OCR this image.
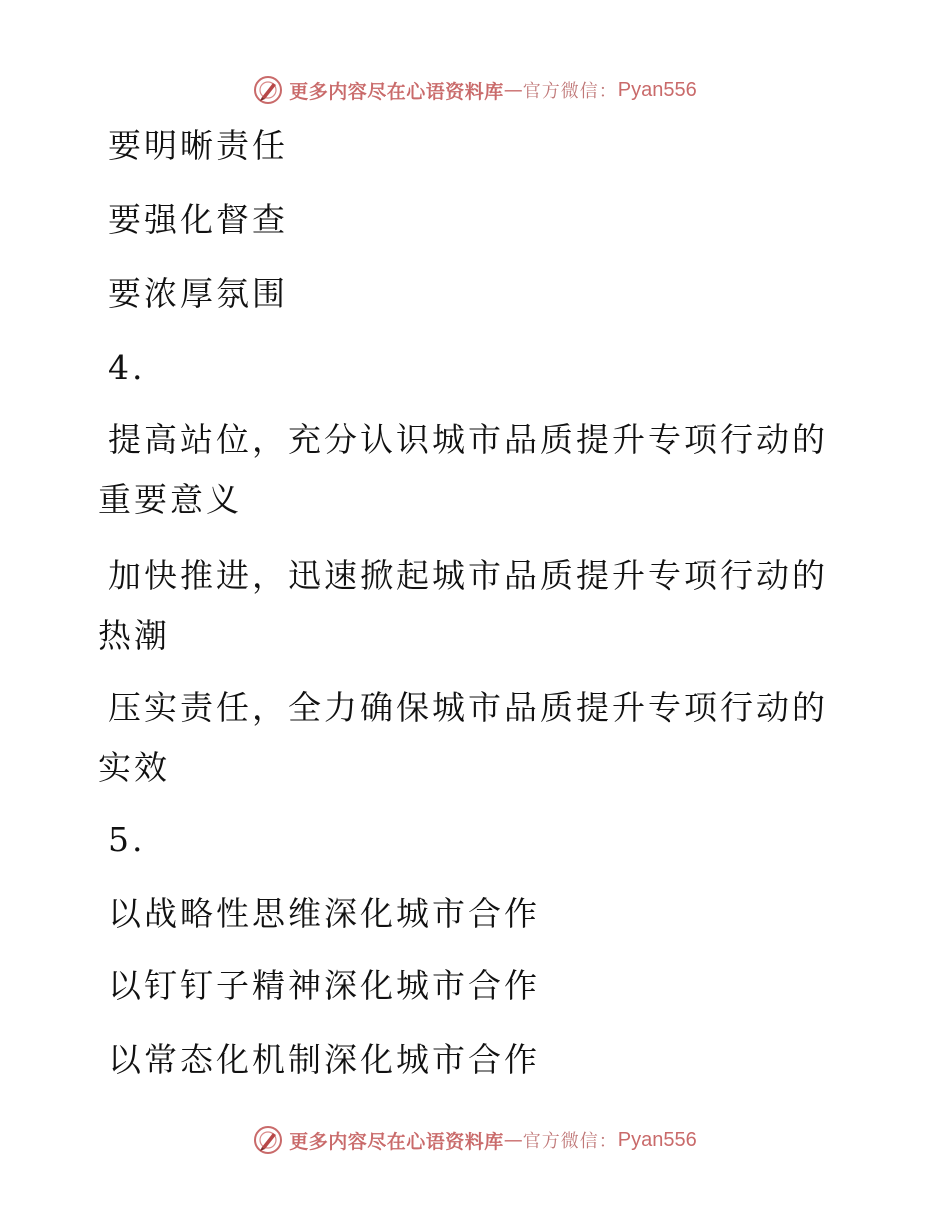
更多内容尽在心语资料库 — 官方微信： Pyan556
要明晰责任
要强化督查
要浓厚氛围
4.
提高站位，充分认识城市品质提升专项行动的重要意义
加快推进，迅速掀起城市品质提升专项行动的热潮
压实责任，全力确保城市品质提升专项行动的实效
5.
以战略性思维深化城市合作
以钉钉子精神深化城市合作
以常态化机制深化城市合作
更多内容尽在心语资料库 — 官方微信： Pyan556
